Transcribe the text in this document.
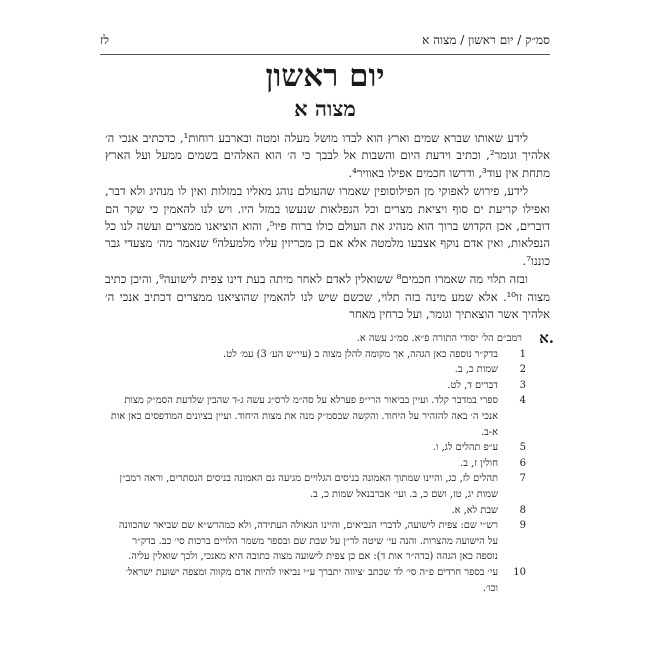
לז	סמ״ק / יום ראשון / מצוה א
יום ראשון
מצוה א

לידע שאותו שברא שמים וארץ הוא לבדו מושל מעלה ומטה ובארבע רוחות¹, כדכתיב אנכי ה׳ אלהיך וגומר², וכתיב וידעת היום והשבות אל לבבך כי ה׳ הוא האלהים בשמים ממעל ועל הארץ מתחת אין עוד³, ודרשו חכמים אפילו באוויר⁴.

לידע, פירוש לאפוקי מן הפילוסופין שאמרו שהעולם נוהג מאליו במזלות ואין לו מנהיג ולא דבר, ואפילו קריעת ים סוף ויציאת מצרים וכל הנפלאות שנעשו במזל היו. ויש לנו להאמין כי שקר הם דוברים, אכן הקדוש ברוך הוא מנהיג את העולם כולו ברוח פיו⁵, והוא הוציאנו ממצרים ועשה לנו כל הנפלאות, ואין אדם נוקף אצבעו מלמטה אלא אם כן מכריזין עליו מלמעלה⁶ שנאמר מה׳ מצעדי גבר כוננו⁷.

ובזה תלוי מה שאמרו חכמים⁸ ששואלין לאדם לאחר מיתה בעת דינו צפית לישועה⁹, והיכן כתיב מצוה זו¹⁰. אלא שמע מינה בזה תלוי, שכשם שיש לנו להאמין שהוציאנו ממצרים דכתיב אנכי ה׳ אלהיך אשר הוצאתיך וגומר, ועל כרחין מאחר

א.
רמב״ם הל׳ יסודי התורה פ״א. סמ״ג עשה א.
1
בדק״ר נוספה כאן הגהה, אך מקומה להלן מצוה ב (עיי״ש הע׳ 3) עמ׳ לט.
2
שמות כ, ב.
3
דברים ד, לט.
4
ספרי במדבר קלד. ועיין בביאור הרי״פ פערלא על סה״מ לרס״ג עשה ג-ד שהבין שלדעת הסמ״ק מצות אנכי ה׳ באה להזהיר על היחוד. והקשה שבסמ״ק מנה את מצות היחוד. ועיין בציונים המודפסים כאן אות א-ב.
5
ע״פ תהלים לג, ו.
6
חולין ז, ב.
7
תהלים לז, כג, והיינו שמתוך האמונה בניסים הגלויים מגיעה גם האמונה בניסים הנסתרים, וראה רמב״ן שמות יג, טז, ושם כ, ב. ועי׳ אברבנאל שמות כ, ב.
8
שבת לא, א.
9
רש״י שם: צפית לישועה, לדברי הנביאים, והיינו הגאולה העתידה, ולא כמהרש״א שם שביאר שהכוונה על הישועה מהצרות. והנה עי׳ שיטה לר״ן על שבת שם ובספר משמר הלויים ברכות סי׳ כב. בדק״ר נוספה כאן הגהה (בדה״ר אות ד): אם כן צפית לישועה מצוה כתובה היא מאנכי, ולכך שואלין עליה.
10
עי׳ בספר חרדים פ״ה סי׳ לד שכתב ׳ציווה יתברך ע״י נביאיו להיות אדם מקווה ומצפה ישועת ישראל׳ וכו׳.
